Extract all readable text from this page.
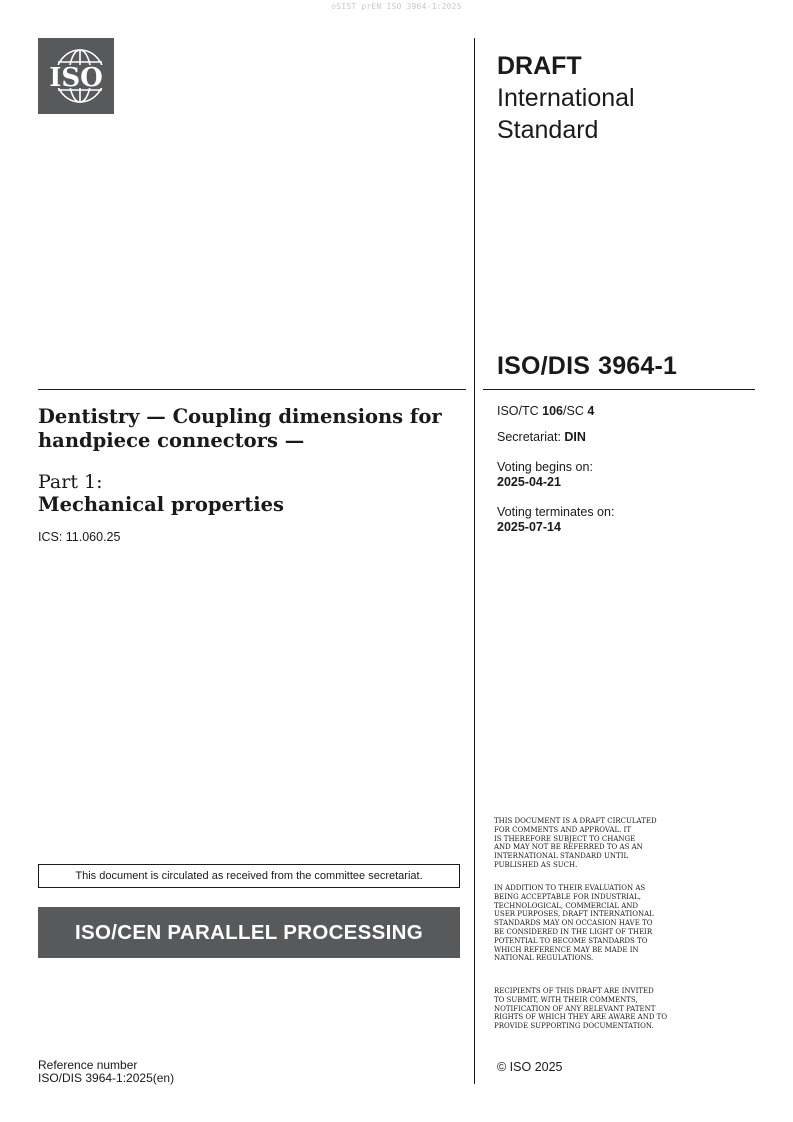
oSIST prEN ISO 3964-1:2025
ISO	DRAFT
International
Standard
ISO/DIS 3964-1
Dentistry — Coupling dimensions for handpiece connectors —
Part 1:
Mechanical properties
ICS: 11.060.25
ISO/TC 106/SC 4
Secretariat: DIN
Voting begins on:
2025-04-21
Voting terminates on:
2025-07-14
THIS DOCUMENT IS A DRAFT CIRCULATED
FOR COMMENTS AND APPROVAL. IT
IS THEREFORE SUBJECT TO CHANGE
AND MAY NOT BE REFERRED TO AS AN
INTERNATIONAL STANDARD UNTIL
PUBLISHED AS SUCH.
IN ADDITION TO THEIR EVALUATION AS
BEING ACCEPTABLE FOR INDUSTRIAL,
TECHNOLOGICAL, COMMERCIAL AND
USER PURPOSES, DRAFT INTERNATIONAL
STANDARDS MAY ON OCCASION HAVE TO
BE CONSIDERED IN THE LIGHT OF THEIR
POTENTIAL TO BECOME STANDARDS TO
WHICH REFERENCE MAY BE MADE IN
NATIONAL REGULATIONS.
RECIPIENTS OF THIS DRAFT ARE INVITED
TO SUBMIT, WITH THEIR COMMENTS,
NOTIFICATION OF ANY RELEVANT PATENT
RIGHTS OF WHICH THEY ARE AWARE AND TO
PROVIDE SUPPORTING DOCUMENTATION.
This document is circulated as received from the committee secretariat.
ISO/CEN PARALLEL PROCESSING
Reference number
ISO/DIS 3964-1:2025(en)
© ISO 2025
